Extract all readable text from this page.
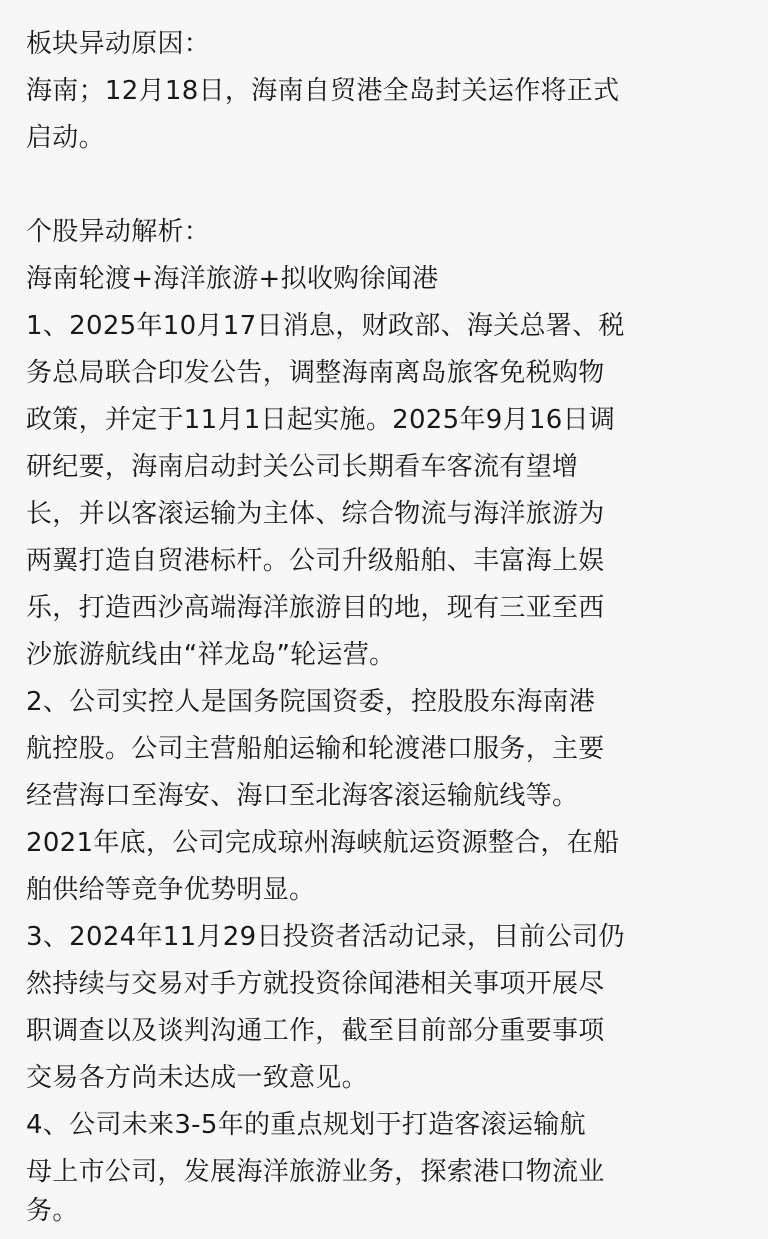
板块异动原因：
海南；12月18日，海南自贸港全岛封关运作将正式
启动。
个股异动解析：
海南轮渡+海洋旅游+拟收购徐闻港
1、2025年10月17日消息，财政部、海关总署、税
务总局联合印发公告，调整海南离岛旅客免税购物
政策，并定于11月1日起实施。2025年9月16日调
研纪要，海南启动封关公司长期看车客流有望增
长，并以客滚运输为主体、综合物流与海洋旅游为
两翼打造自贸港标杆。公司升级船舶、丰富海上娱
乐，打造西沙高端海洋旅游目的地，现有三亚至西
沙旅游航线由“祥龙岛”轮运营。
2、公司实控人是国务院国资委，控股股东海南港
航控股。公司主营船舶运输和轮渡港口服务，主要
经营海口至海安、海口至北海客滚运输航线等。
2021年底，公司完成琼州海峡航运资源整合，在船
舶供给等竞争优势明显。
3、2024年11月29日投资者活动记录，目前公司仍
然持续与交易对手方就投资徐闻港相关事项开展尽
职调查以及谈判沟通工作，截至目前部分重要事项
交易各方尚未达成一致意见。
4、公司未来3-5年的重点规划于打造客滚运输航
母上市公司，发展海洋旅游业务，探索港口物流业
务。
